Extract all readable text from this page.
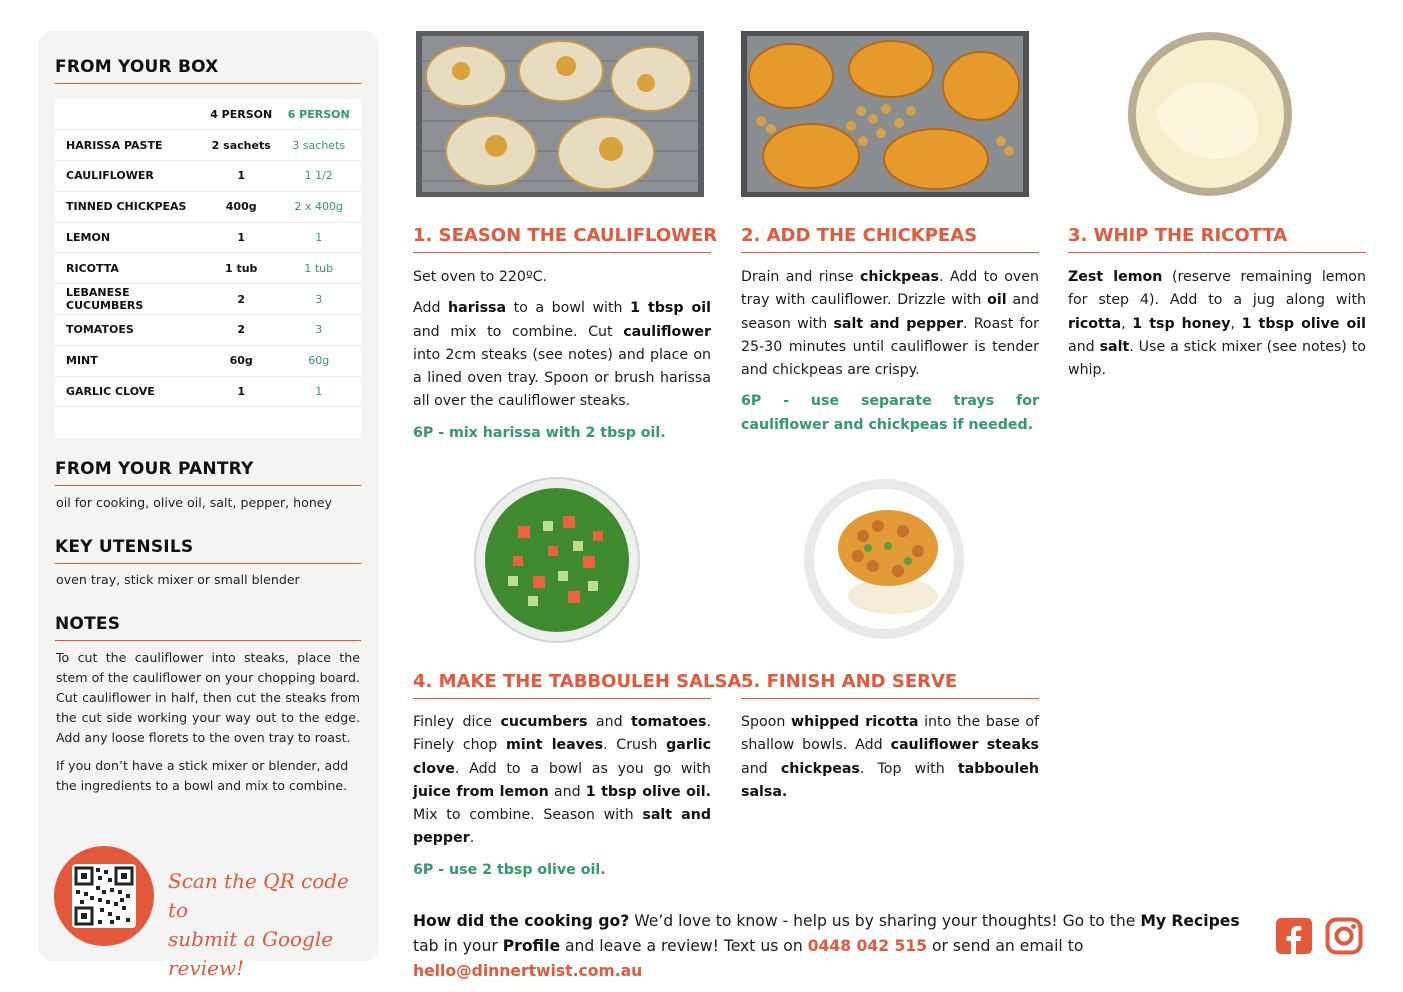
FROM YOUR BOX
	4 PERSON	6 PERSON
HARISSA PASTE	2 sachets	3 sachets
CAULIFLOWER	1	1 1/2
TINNED CHICKPEAS	400g	2 x 400g
LEMON	1	1
RICOTTA	1 tub	1 tub
LEBANESE CUCUMBERS	2	3
TOMATOES	2	3
MINT	60g	60g
GARLIC CLOVE	1	1

FROM YOUR PANTRY
oil for cooking, olive oil, salt, pepper, honey
KEY UTENSILS
oven tray, stick mixer or small blender
NOTES
To cut the cauliflower into steaks, place the stem of the cauliflower on your chopping board. Cut cauliflower in half, then cut the steaks from the cut side working your way out to the edge. Add any loose florets to the oven tray to roast.
If you don’t have a stick mixer or blender, add the ingredients to a bowl and mix to combine.
Scan the QR code to
submit a Google review!
1. SEASON THE CAULIFLOWER

Set oven to 220ºC.

Add harissa to a bowl with 1 tbsp oil and mix to combine. Cut cauliflower into 2cm steaks (see notes) and place on a lined oven tray. Spoon or brush harissa all over the cauliflower steaks.

6P - mix harissa with 2 tbsp oil.

2. ADD THE CHICKPEAS

Drain and rinse chickpeas. Add to oven tray with cauliflower. Drizzle with oil and season with salt and pepper. Roast for 25-30 minutes until cauliflower is tender and chickpeas are crispy.

6P - use separate trays for cauliflower and chickpeas if needed.

3. WHIP THE RICOTTA

Zest lemon (reserve remaining lemon for step 4). Add to a jug along with ricotta, 1 tsp honey, 1 tbsp olive oil and salt. Use a stick mixer (see notes) to whip.

4. MAKE THE TABBOULEH SALSA

Finley dice cucumbers and tomatoes. Finely chop mint leaves. Crush garlic clove. Add to a bowl as you go with juice from lemon and 1 tbsp olive oil. Mix to combine. Season with salt and pepper.

6P - use 2 tbsp olive oil.

5. FINISH AND SERVE

Spoon whipped ricotta into the base of shallow bowls. Add cauliflower steaks and chickpeas. Top with tabbouleh salsa.

How did the cooking go? We’d love to know - help us by sharing your thoughts! Go to the My Recipes tab in your Profile and leave a review! Text us on 0448 042 515 or send an email to hello@dinnertwist.com.au
